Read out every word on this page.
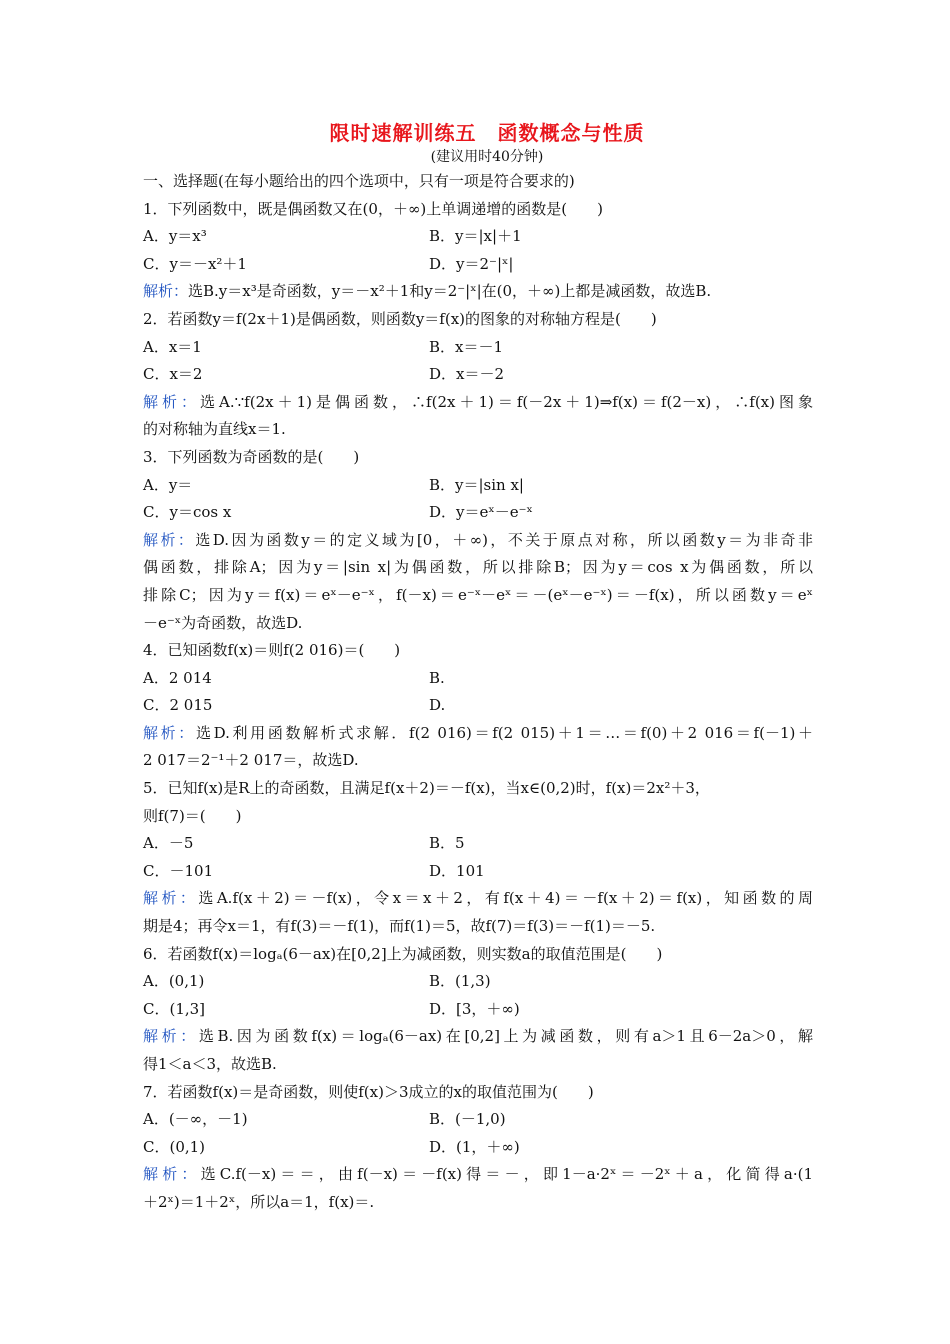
限时速解训练五　函数概念与性质
(建议用时40分钟)
一、选择题(在每小题给出的四个选项中，只有一项是符合要求的)
1．下列函数中，既是偶函数又在(0，＋∞)上单调递增的函数是(　　)
A．y＝x³	B．y＝|x|＋1
C．y＝－x²＋1	D．y＝2⁻|ˣ|
解析：选B.y＝x³是奇函数，y＝－x²＋1和y＝2⁻|ˣ|在(0，＋∞)上都是减函数，故选B.
2．若函数y＝f(2x＋1)是偶函数，则函数y＝f(x)的图象的对称轴方程是(　　)
A．x＝1	B．x＝－1
C．x＝2	D．x＝－2
解析：选A.∵f(2x＋1)是偶函数，∴f(2x＋1)＝f(－2x＋1)⇒f(x)＝f(2－x)，∴f(x)图象
的对称轴为直线x＝1.
3．下列函数为奇函数的是(　　)
A．y＝	B．y＝|sin x|
C．y＝cos x	D．y＝eˣ－e⁻ˣ
解析：选D.因为函数y＝的定义域为[0，＋∞)，不关于原点对称，所以函数y＝为非奇非
偶函数，排除A；因为y＝|sin x|为偶函数，所以排除B；因为y＝cos x为偶函数，所以
排除C；因为y＝f(x)＝eˣ－e⁻ˣ，f(－x)＝e⁻ˣ－eˣ＝－(eˣ－e⁻ˣ)＝－f(x)，所以函数y＝eˣ
－e⁻ˣ为奇函数，故选D.
4．已知函数f(x)＝则f(2 016)＝(　　)
A．2 014	B.
C．2 015	D.
解析：选D.利用函数解析式求解．f(2 016)＝f(2 015)＋1＝…＝f(0)＋2 016＝f(－1)＋
2 017＝2⁻¹＋2 017＝，故选D.
5．已知f(x)是R上的奇函数，且满足f(x＋2)＝－f(x)，当x∈(0,2)时，f(x)＝2x²＋3，
则f(7)＝(　　)
A．－5	B．5
C．－101	D．101
解析：选A.f(x＋2)＝－f(x)，令x＝x＋2，有f(x＋4)＝－f(x＋2)＝f(x)，知函数的周
期是4；再令x＝1，有f(3)＝－f(1)，而f(1)＝5，故f(7)＝f(3)＝－f(1)＝－5.
6．若函数f(x)＝logₐ(6－ax)在[0,2]上为减函数，则实数a的取值范围是(　　)
A．(0,1)	B．(1,3)
C．(1,3]	D．[3，＋∞)
解析：选B.因为函数f(x)＝logₐ(6－ax)在[0,2]上为减函数，则有a＞1且6－2a＞0，解
得1＜a＜3，故选B.
7．若函数f(x)＝是奇函数，则使f(x)＞3成立的x的取值范围为(　　)
A．(－∞，－1)	B．(－1,0)
C．(0,1)	D．(1，＋∞)
解析：选C.f(－x)＝＝，由f(－x)＝－f(x)得＝－，即1－a·2ˣ＝－2ˣ＋a，化简得a·(1
＋2ˣ)＝1＋2ˣ，所以a＝1，f(x)＝.
